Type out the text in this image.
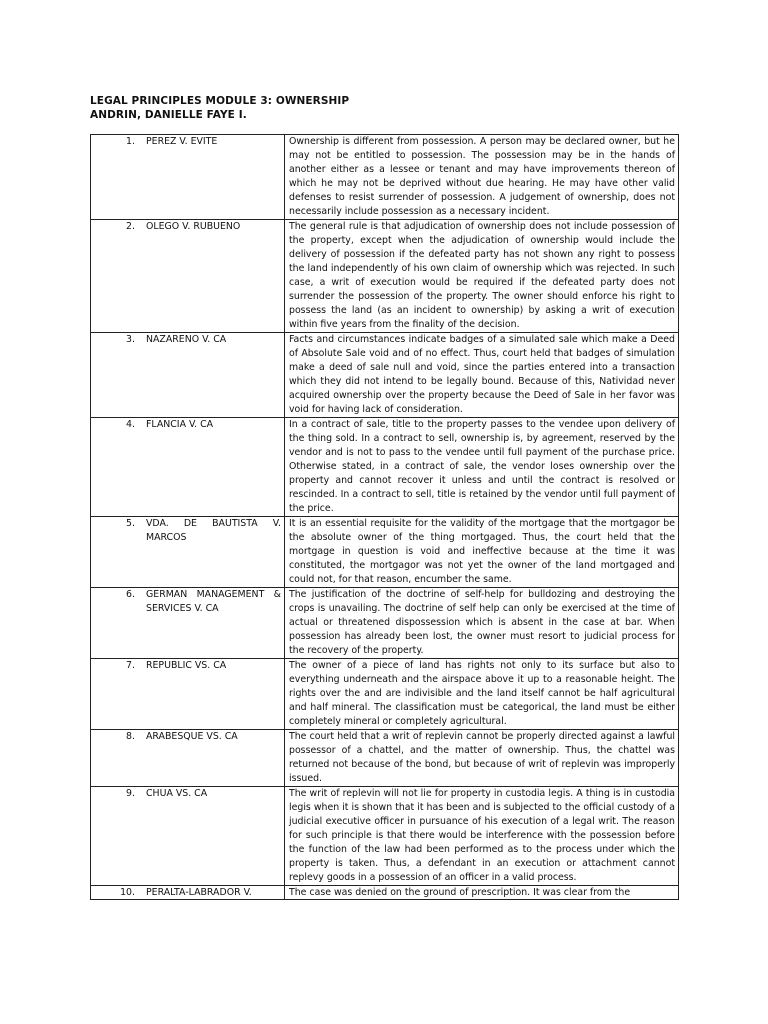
LEGAL PRINCIPLES MODULE 3: OWNERSHIP
ANDRIN, DANIELLE FAYE I.
1. PEREZ V. EVITE	Ownership is different from possession. A person may be declared owner, but he may not be entitled to possession. The possession may be in the hands of another either as a lessee or tenant and may have improvements thereon of which he may not be deprived without due hearing. He may have other valid defenses to resist surrender of possession. A judgement of ownership, does not necessarily include possession as a necessary incident.

2. OLEGO V. RUBUENO	The general rule is that adjudication of ownership does not include possession of the property, except when the adjudication of ownership would include the delivery of possession if the defeated party has not shown any right to possess the land independently of his own claim of ownership which was rejected. In such case, a writ of execution would be required if the defeated party does not surrender the possession of the property. The owner should enforce his right to possess the land (as an incident to ownership) by asking a writ of execution within five years from the finality of the decision.

3. NAZARENO V. CA	Facts and circumstances indicate badges of a simulated sale which make a Deed of Absolute Sale void and of no effect. Thus, court held that badges of simulation make a deed of sale null and void, since the parties entered into a transaction which they did not intend to be legally bound. Because of this, Natividad never acquired ownership over the property because the Deed of Sale in her favor was void for having lack of consideration.

4. FLANCIA V. CA	In a contract of sale, title to the property passes to the vendee upon delivery of the thing sold. In a contract to sell, ownership is, by agreement, reserved by the vendor and is not to pass to the vendee until full payment of the purchase price. Otherwise stated, in a contract of sale, the vendor loses ownership over the property and cannot recover it unless and until the contract is resolved or rescinded. In a contract to sell, title is retained by the vendor until full payment of the price.

5. VDA. DE BAUTISTA V. MARCOS	It is an essential requisite for the validity of the mortgage that the mortgagor be the absolute owner of the thing mortgaged. Thus, the court held that the mortgage in question is void and ineffective because at the time it was constituted, the mortgagor was not yet the owner of the land mortgaged and could not, for that reason, encumber the same.

6. GERMAN MANAGEMENT & SERVICES V. CA	The justification of the doctrine of self-help for bulldozing and destroying the crops is unavailing. The doctrine of self help can only be exercised at the time of actual or threatened dispossession which is absent in the case at bar. When possession has already been lost, the owner must resort to judicial process for the recovery of the property.

7. REPUBLIC VS. CA	The owner of a piece of land has rights not only to its surface but also to everything underneath and the airspace above it up to a reasonable height. The rights over the and are indivisible and the land itself cannot be half agricultural and half mineral. The classification must be categorical, the land must be either completely mineral or completely agricultural.

8. ARABESQUE VS. CA	The court held that a writ of replevin cannot be properly directed against a lawful possessor of a chattel, and the matter of ownership. Thus, the chattel was returned not because of the bond, but because of writ of replevin was improperly issued.

9. CHUA VS. CA	The writ of replevin will not lie for property in custodia legis. A thing is in custodia legis when it is shown that it has been and is subjected to the official custody of a judicial executive officer in pursuance of his execution of a legal writ. The reason for such principle is that there would be interference with the possession before the function of the law had been performed as to the process under which the property is taken. Thus, a defendant in an execution or attachment cannot replevy goods in a possession of an officer in a valid process.

10. PERALTA-LABRADOR V.	The case was denied on the ground of prescription. It was clear from the
